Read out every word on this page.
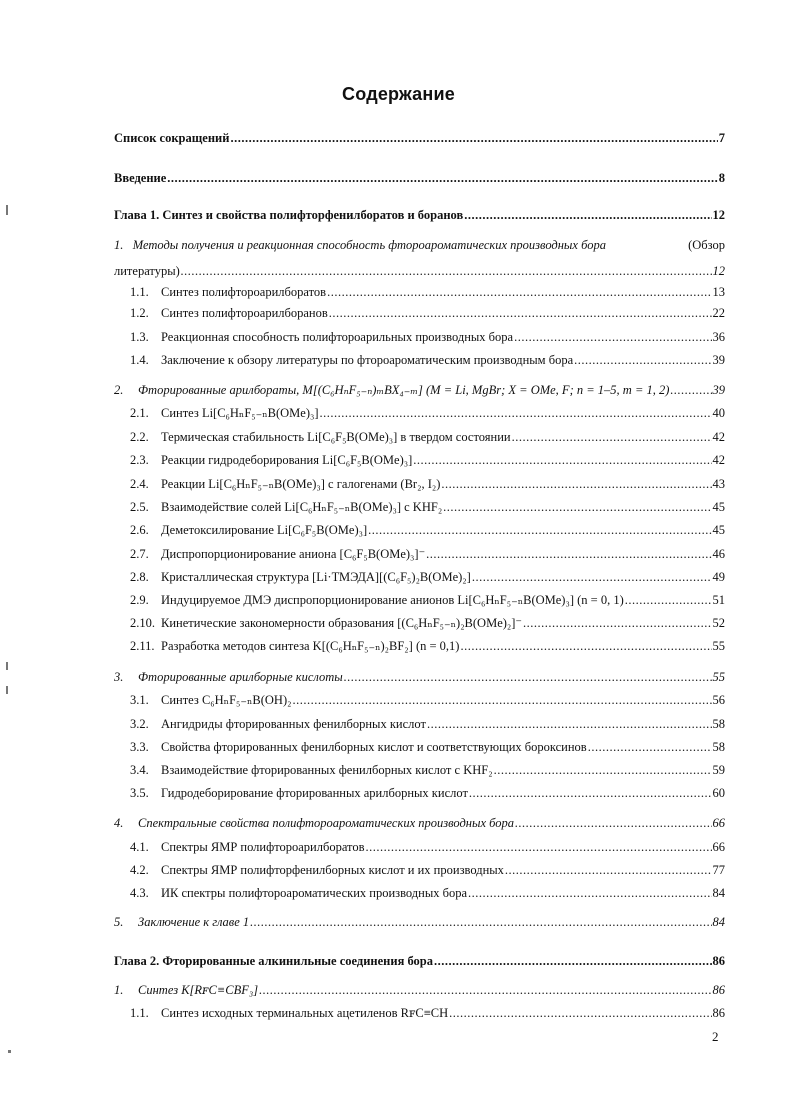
Содержание
Список сокращений .....	7
Введение .....	8
Глава 1. Синтез и свойства полифторфенилборатов и боранов .....	12
1. Методы получения и реакционная способность фтороароматических производных бора	(Обзор
литературы) .....	12
1.1. Синтез полифтороарилборатов .....	13
1.2. Синтез полифтороарилборанов .....	22
1.3. Реакционная способность полифтороарильных производных бора .....	36
1.4. Заключение к обзору литературы по фтороароматическим производным бора .....	39
2.	Фторированные арилбораты, M[(C₆HₙF₅₋ₙ)ₘBX₄₋ₘ] (M = Li, MgBr; X = OMe, F; n = 1–5, m = 1, 2) .....	39
2.1. Синтез Li[C₆HₙF₅₋ₙB(OMe)₃] .....	40
2.2. Термическая стабильность Li[C₆F₅B(OMe)₃] в твердом состоянии .....	42
2.3. Реакции гидродеборирования Li[C₆F₅B(OMe)₃] .....	42
2.4. Реакции Li[C₆HₙF₅₋ₙB(OMe)₃] с галогенами (Br₂, I₂) .....	43
2.5. Взаимодействие солей Li[C₆HₙF₅₋ₙB(OMe)₃] с KHF₂ .....	45
2.6. Деметоксилирование Li[C₆F₅B(OMe)₃] .....	45
2.7. Диспропорционирование аниона [C₆F₅B(OMe)₃]⁻ .....	46
2.8. Кристаллическая структура [Li·ТМЭДА][(C₆F₅)₂B(OMe)₂] .....	49
2.9. Индуцируемое ДМЭ диспропорционирование анионов Li[C₆HₙF₅₋ₙB(OMe)₃] (n = 0, 1) .....	51
2.10. Кинетические закономерности образования [(C₆HₙF₅₋ₙ)₂B(OMe)₂]⁻ .....	52
2.11. Разработка методов синтеза K[(C₆HₙF₅₋ₙ)₂BF₂] (n = 0,1) .....	55
3.	Фторированные арилборные кислоты .....	55
3.1. Синтез C₆HₙF₅₋ₙB(OH)₂ .....	56
3.2. Ангидриды фторированных фенилборных кислот .....	58
3.3. Свойства фторированных фенилборных кислот и соответствующих бороксинов .....	58
3.4. Взаимодействие фторированных фенилборных кислот с KHF₂ .....	59
3.5. Гидродеборирование фторированных арилборных кислот .....	60
4.	Спектральные свойства полифтороароматических производных бора .....	66
4.1. Спектры ЯМР полифтороарилборатов .....	66
4.2. Спектры ЯМР полифторфенилборных кислот и их производных .....	77
4.3. ИК спектры полифтороароматических производных бора .....	84
5.	Заключение к главе 1 .....	84
Глава 2. Фторированные алкинильные соединения бора .....	86
1.	Синтез K[RꜰC≡CBF₃] .....	86
1.1. Синтез исходных терминальных ацетиленов RꜰC≡CH .....	86
2
